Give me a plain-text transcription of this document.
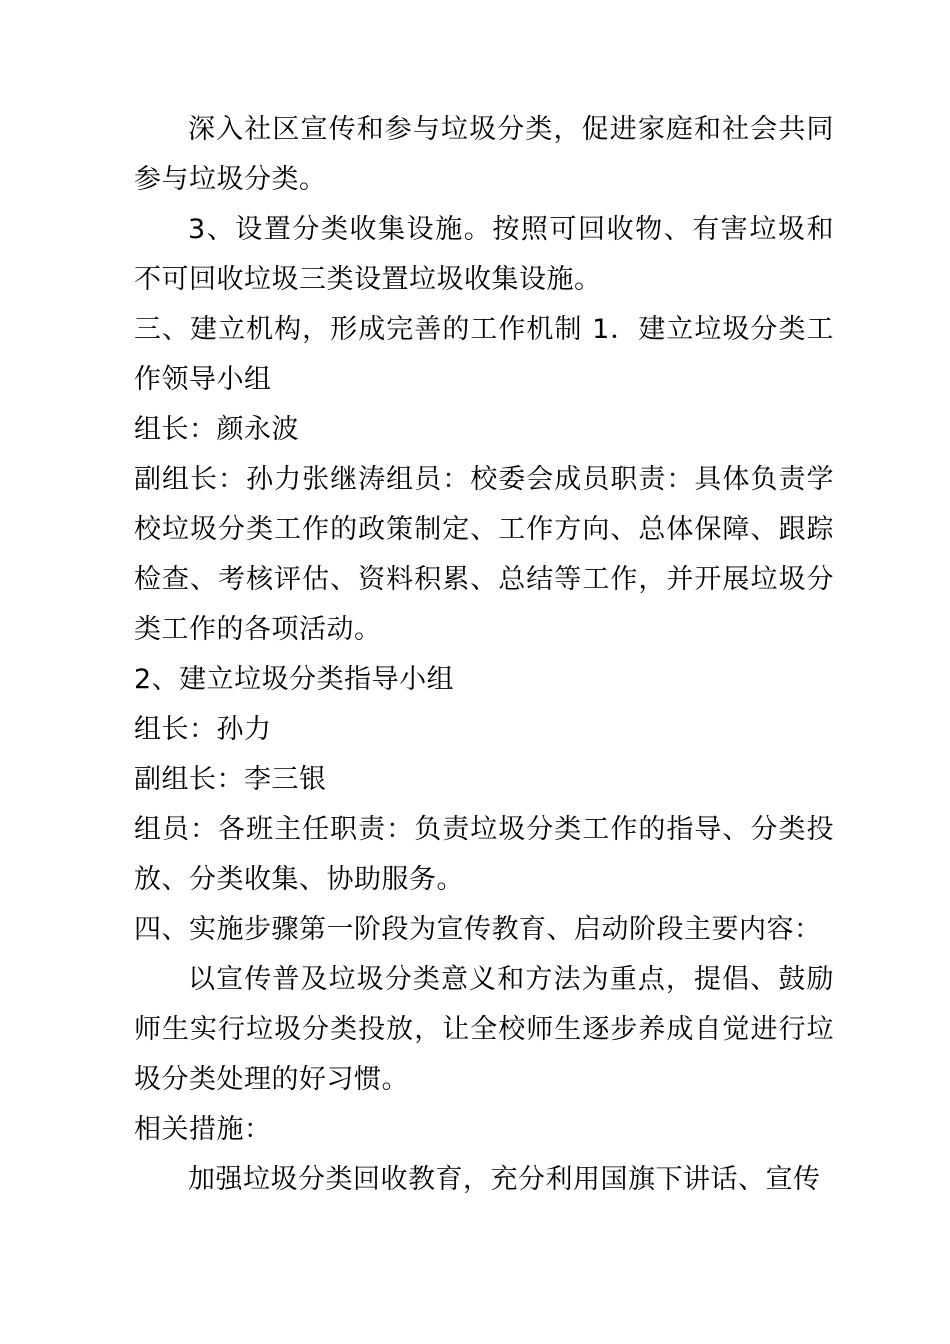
深入社区宣传和参与垃圾分类，促进家庭和社会共同参与垃圾分类。

3、设置分类收集设施。按照可回收物、有害垃圾和不可回收垃圾三类设置垃圾收集设施。

三、建立机构，形成完善的工作机制 1．建立垃圾分类工作领导小组

组长：颜永波

副组长：孙力张继涛组员：校委会成员职责：具体负责学校垃圾分类工作的政策制定、工作方向、总体保障、跟踪检查、考核评估、资料积累、总结等工作，并开展垃圾分类工作的各项活动。

2、建立垃圾分类指导小组

组长：孙力

副组长：李三银

组员：各班主任职责：负责垃圾分类工作的指导、分类投放、分类收集、协助服务。

四、实施步骤第一阶段为宣传教育、启动阶段主要内容：

以宣传普及垃圾分类意义和方法为重点，提倡、鼓励师生实行垃圾分类投放，让全校师生逐步养成自觉进行垃圾分类处理的好习惯。

相关措施：

加强垃圾分类回收教育，充分利用国旗下讲话、宣传
